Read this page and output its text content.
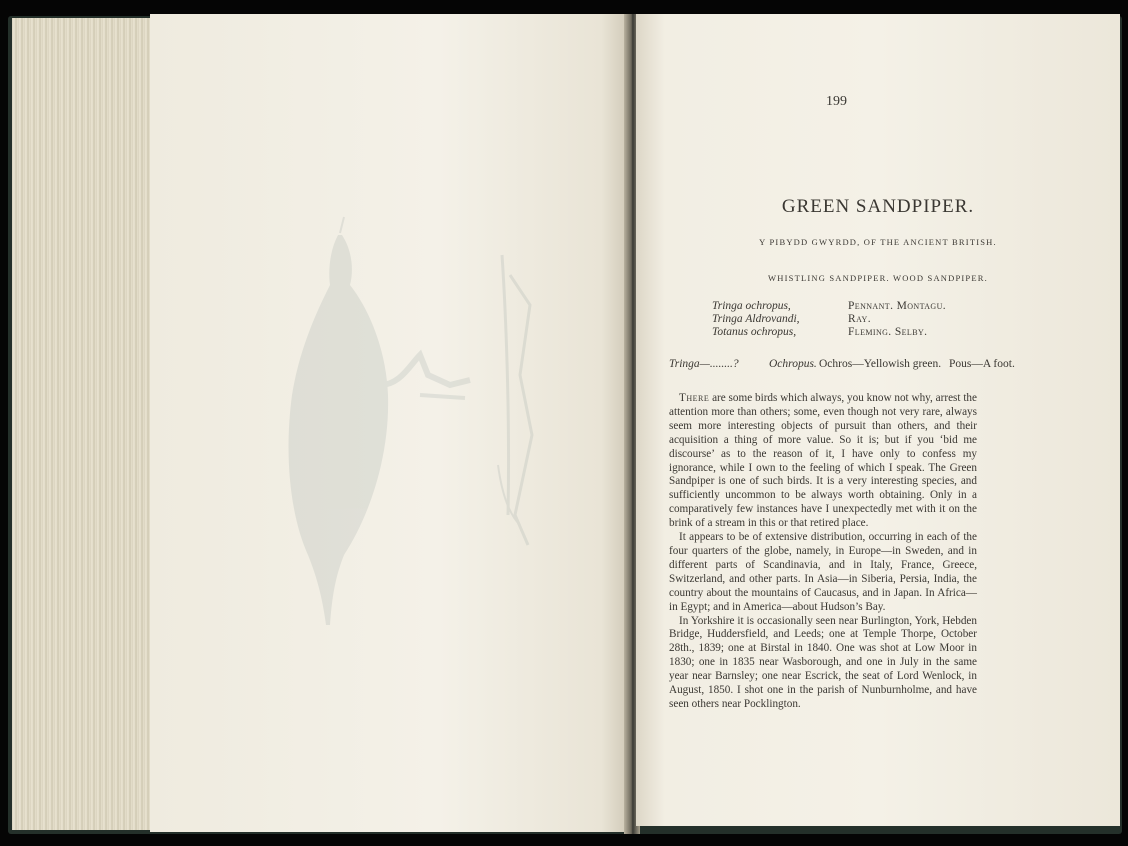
199
GREEN SANDPIPER.
Y PIBYDD GWYRDD, OF THE ANCIENT BRITISH.
WHISTLING SANDPIPER. WOOD SANDPIPER.
Tringa ochropus,	Pennant. Montagu.
Tringa Aldrovandi,	Ray.
Totanus ochropus,	Fleming. Selby.
Tringa—........?	Ochropus. Ochros—Yellowish green. Pous—A foot.

There are some birds which always, you know not why, arrest the attention more than others; some, even though not very rare, always seem more interesting objects of pursuit than others, and their acquisition a thing of more value. So it is; but if you ‘bid me discourse’ as to the reason of it, I have only to confess my ignorance, while I own to the feeling of which I speak. The Green Sandpiper is one of such birds. It is a very interesting species, and sufficiently uncommon to be always worth obtaining. Only in a comparatively few instances have I unexpectedly met with it on the brink of a stream in this or that retired place.

It appears to be of extensive distribution, occurring in each of the four quarters of the globe, namely, in Europe—in Sweden, and in different parts of Scandinavia, and in Italy, France, Greece, Switzerland, and other parts. In Asia—in Siberia, Persia, India, the country about the mountains of Caucasus, and in Japan. In Africa—in Egypt; and in America—about Hudson’s Bay.

In Yorkshire it is occasionally seen near Burlington, York, Hebden Bridge, Huddersfield, and Leeds; one at Temple Thorpe, October 28th., 1839; one at Birstal in 1840. One was shot at Low Moor in 1830; one in 1835 near Wasborough, and one in July in the same year near Barnsley; one near Escrick, the seat of Lord Wenlock, in August, 1850. I shot one in the parish of Nunburnholme, and have seen others near Pocklington.
